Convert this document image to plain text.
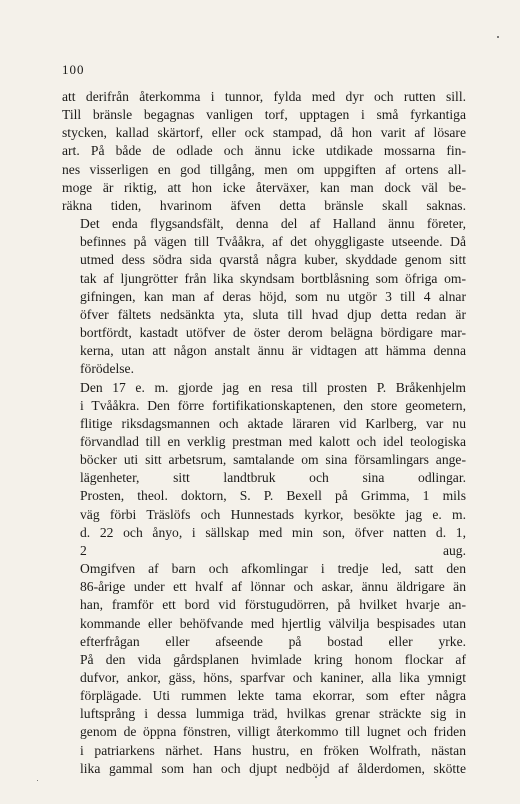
100

att derifrån återkomma i tunnor, fylda med dyr och rutten sill.
Till bränsle begagnas vanligen torf, upptagen i små fyrkantiga
stycken, kallad skärtorf, eller ock stampad, då hon varit af lösare
art. På både de odlade och ännu icke utdikade mossarna fin-
nes visserligen en god tillgång, men om uppgiften af ortens all-
moge är riktig, att hon icke återväxer, kan man dock väl be-
räkna tiden, hvarinom äfven detta bränsle skall saknas.

Det enda flygsandsfält, denna del af Halland ännu företer,
befinnes på vägen till Tvååkra, af det ohyggligaste utseende. Då
utmed dess södra sida qvarstå några kuber, skyddade genom sitt
tak af ljungrötter från lika skyndsam bortblåsning som öfriga om-
gifningen, kan man af deras höjd, som nu utgör 3 till 4 alnar
öfver fältets nedsänkta yta, sluta till hvad djup detta redan är
bortfördt, kastadt utöfver de öster derom belägna bördigare mar-
kerna, utan att någon anstalt ännu är vidtagen att hämma denna
förödelse.

Den 17 e. m. gjorde jag en resa till prosten P. Bråkenhjelm
i Tvååkra. Den förre fortifikationskaptenen, den store geometern,
flitige riksdagsmannen och aktade läraren vid Karlberg, var nu
förvandlad till en verklig prestman med kalott och idel teologiska
böcker uti sitt arbetsrum, samtalande om sina församlingars ange-
lägenheter, sitt landtbruk och sina odlingar.

Prosten, theol. doktorn, S. P. Bexell på Grimma, 1 mils
väg förbi Träslöfs och Hunnestads kyrkor, besökte jag e. m.
d. 22 och ånyo, i sällskap med min son, öfver natten d. 1,
2 aug.

Omgifven af barn och afkomlingar i tredje led, satt den
86-årige under ett hvalf af lönnar och askar, ännu äldrigare än
han, framför ett bord vid förstugudörren, på hvilket hvarje an-
kommande eller behöfvande med hjertlig välvilja bespisades utan
efterfrågan eller afseende på bostad eller yrke.

På den vida gårdsplanen hvimlade kring honom flockar af
dufvor, ankor, gäss, höns, sparfvar och kaniner, alla lika ymnigt
förplägade. Uti rummen lekte tama ekorrar, som efter några
luftsprång i dessa lummiga träd, hvilkas grenar sträckte sig in
genom de öppna fönstren, villigt återkommo till lugnet och friden
i patriarkens närhet. Hans hustru, en fröken Wolfrath, nästan
lika gammal som han och djupt nedböjd af ålderdomen, skötte
